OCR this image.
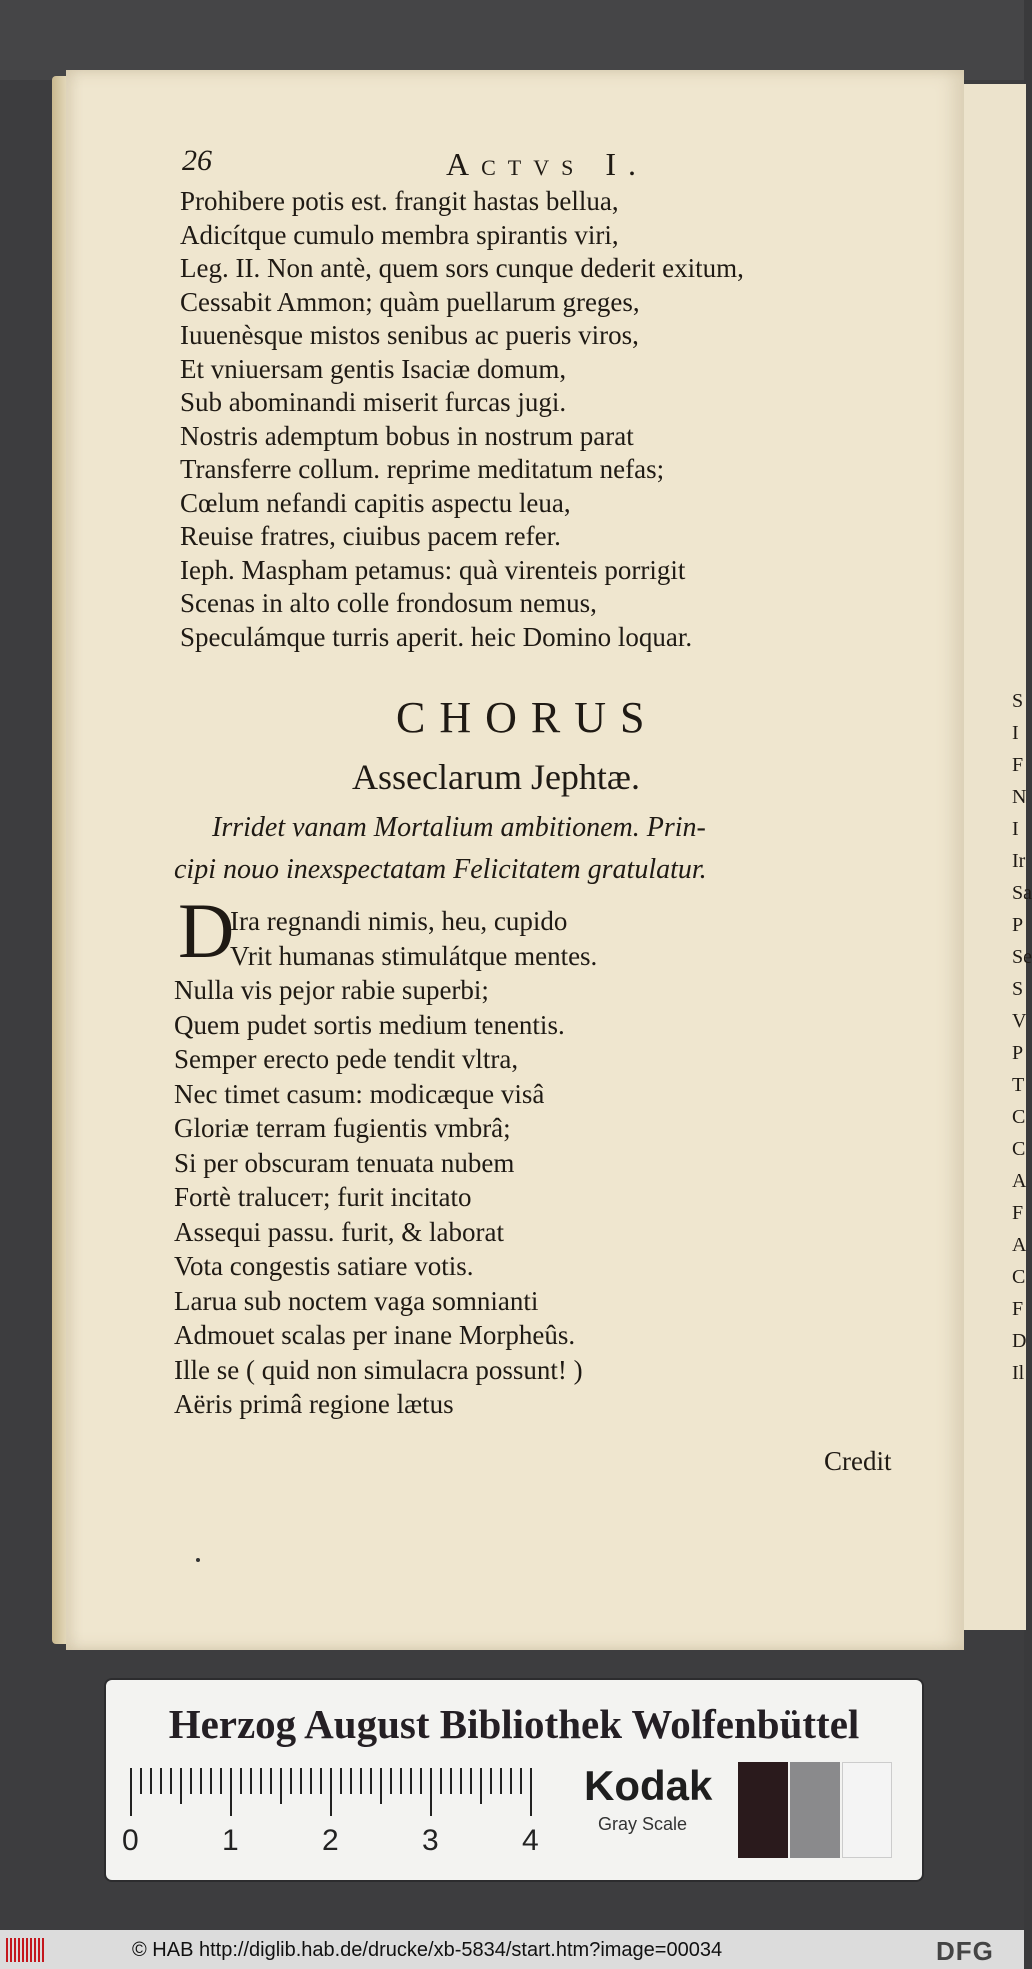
S
I
F
N
I
Ir
Sa
P
Se
S
V
P
T
C
C
A
F
A
C
F
D
Il
26	Actvs I.
Prohibere potis est. frangit hastas bellua,
Adicítque cumulo membra spirantis viri,
Leg. II. Non antè, quem sors cunque dederit exitum,
Cessabit Ammon; quàm puellarum greges,
Iuuenèsque mistos senibus ac pueris viros,
Et vniuersam gentis Isaciæ domum,
Sub abominandi miserit furcas jugi.
Nostris ademptum bobus in nostrum parat
Transferre collum. reprime meditatum nefas;
Cœlum nefandi capitis aspectu leua,
Reuise fratres, ciuibus pacem refer.
Ieph. Maspham petamus: quà virenteis porrigit
Scenas in alto colle frondosum nemus,
Speculámque turris aperit. heic Domino loquar.
CHORUS
Asseclarum Jephtæ.
Irridet vanam Mortalium ambitionem. Prin-
cipi nouo inexspectatam Felicitatem gratulatur.
D
Ira regnandi nimis, heu, cupido
Vrit humanas stimulátque mentes.
Nulla vis pejor rabie superbi;
Quem pudet sortis medium tenentis.
Semper erecto pede tendit vltra,
Nec timet casum: modicæque visâ
Gloriæ terram fugientis vmbrâ;
Si per obscuram tenuata nubem
Fortè traluceт; furit incitato
Assequi passu. furit, & laborat
Vota congestis satiare votis.
Larua sub noctem vaga somnianti
Admouet scalas per inane Morpheûs.
Ille se ( quid non simulacra possunt! )
Aëris primâ regione lætus
Credit
Herzog August Bibliothek Wolfenbüttel
0	1	2	3	4
Kodak
Gray Scale
© HAB http://diglib.hab.de/drucke/xb-5834/start.htm?image=00034	DFG
